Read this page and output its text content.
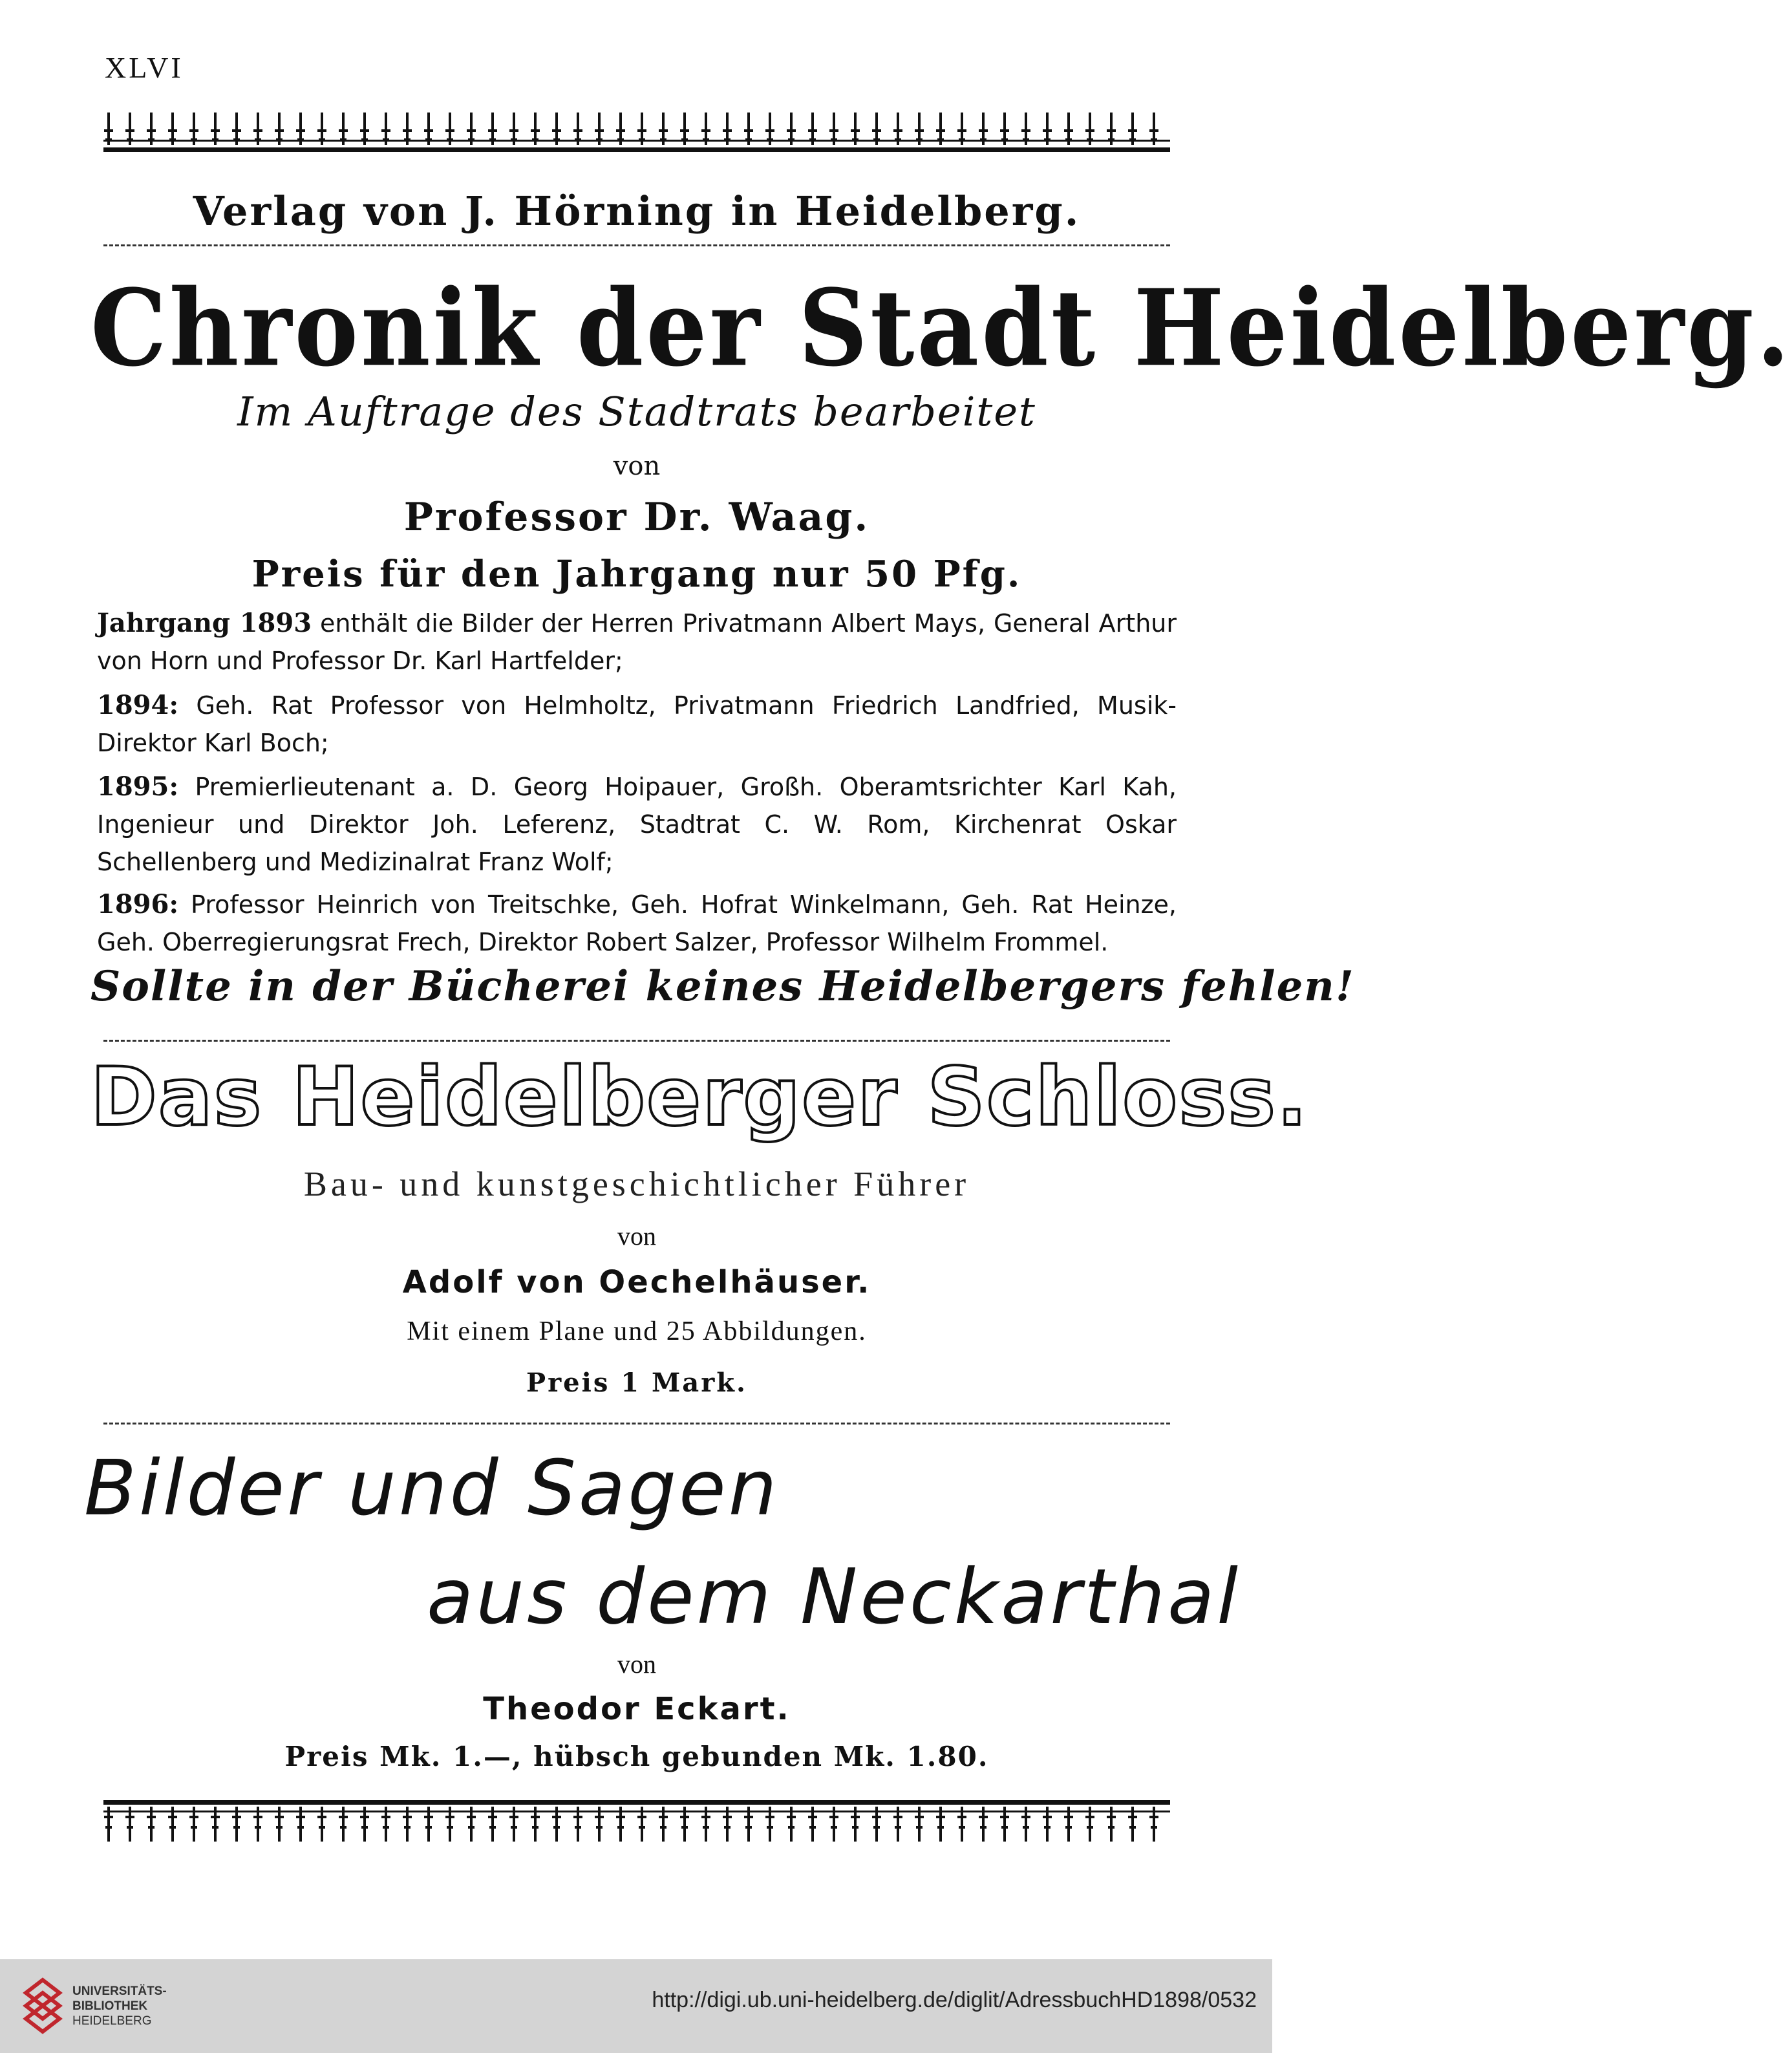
XLVI
Verlag von J. Hörning in Heidelberg.
Chronik der Stadt Heidelberg.
Im Auftrage des Stadtrats bearbeitet
von
Professor Dr. Waag.
Preis für den Jahrgang nur 50 Pfg.
Jahrgang 1893 enthält die Bilder der Herren Privatmann Albert Mays, General Arthur von Horn und Professor Dr. Karl Hartfelder;
1894: Geh. Rat Professor von Helmholtz, Privatmann Friedrich Landfried, Musik-Direktor Karl Boch;
1895: Premierlieutenant a. D. Georg Hoipauer, Großh. Oberamtsrichter Karl Kah, Ingenieur und Direktor Joh. Leferenz, Stadtrat C. W. Rom, Kirchenrat Oskar Schellenberg und Medizinalrat Franz Wolf;
1896: Professor Heinrich von Treitschke, Geh. Hofrat Winkelmann, Geh. Rat Heinze, Geh. Oberregierungsrat Frech, Direktor Robert Salzer, Professor Wilhelm Frommel.
Sollte in der Bücherei keines Heidelbergers fehlen!
Das Heidelberger Schloss.
Bau- und kunstgeschichtlicher Führer
von
Adolf von Oechelhäuser.
Mit einem Plane und 25 Abbildungen.
Preis 1 Mark.
Bilder und Sagen
aus dem Neckarthal
von
Theodor Eckart.
Preis Mk. 1.—, hübsch gebunden Mk. 1.80.
UNIVERSITÄTS-
BIBLIOTHEK
HEIDELBERG
http://digi.ub.uni-heidelberg.de/diglit/AdressbuchHD1898/0532
